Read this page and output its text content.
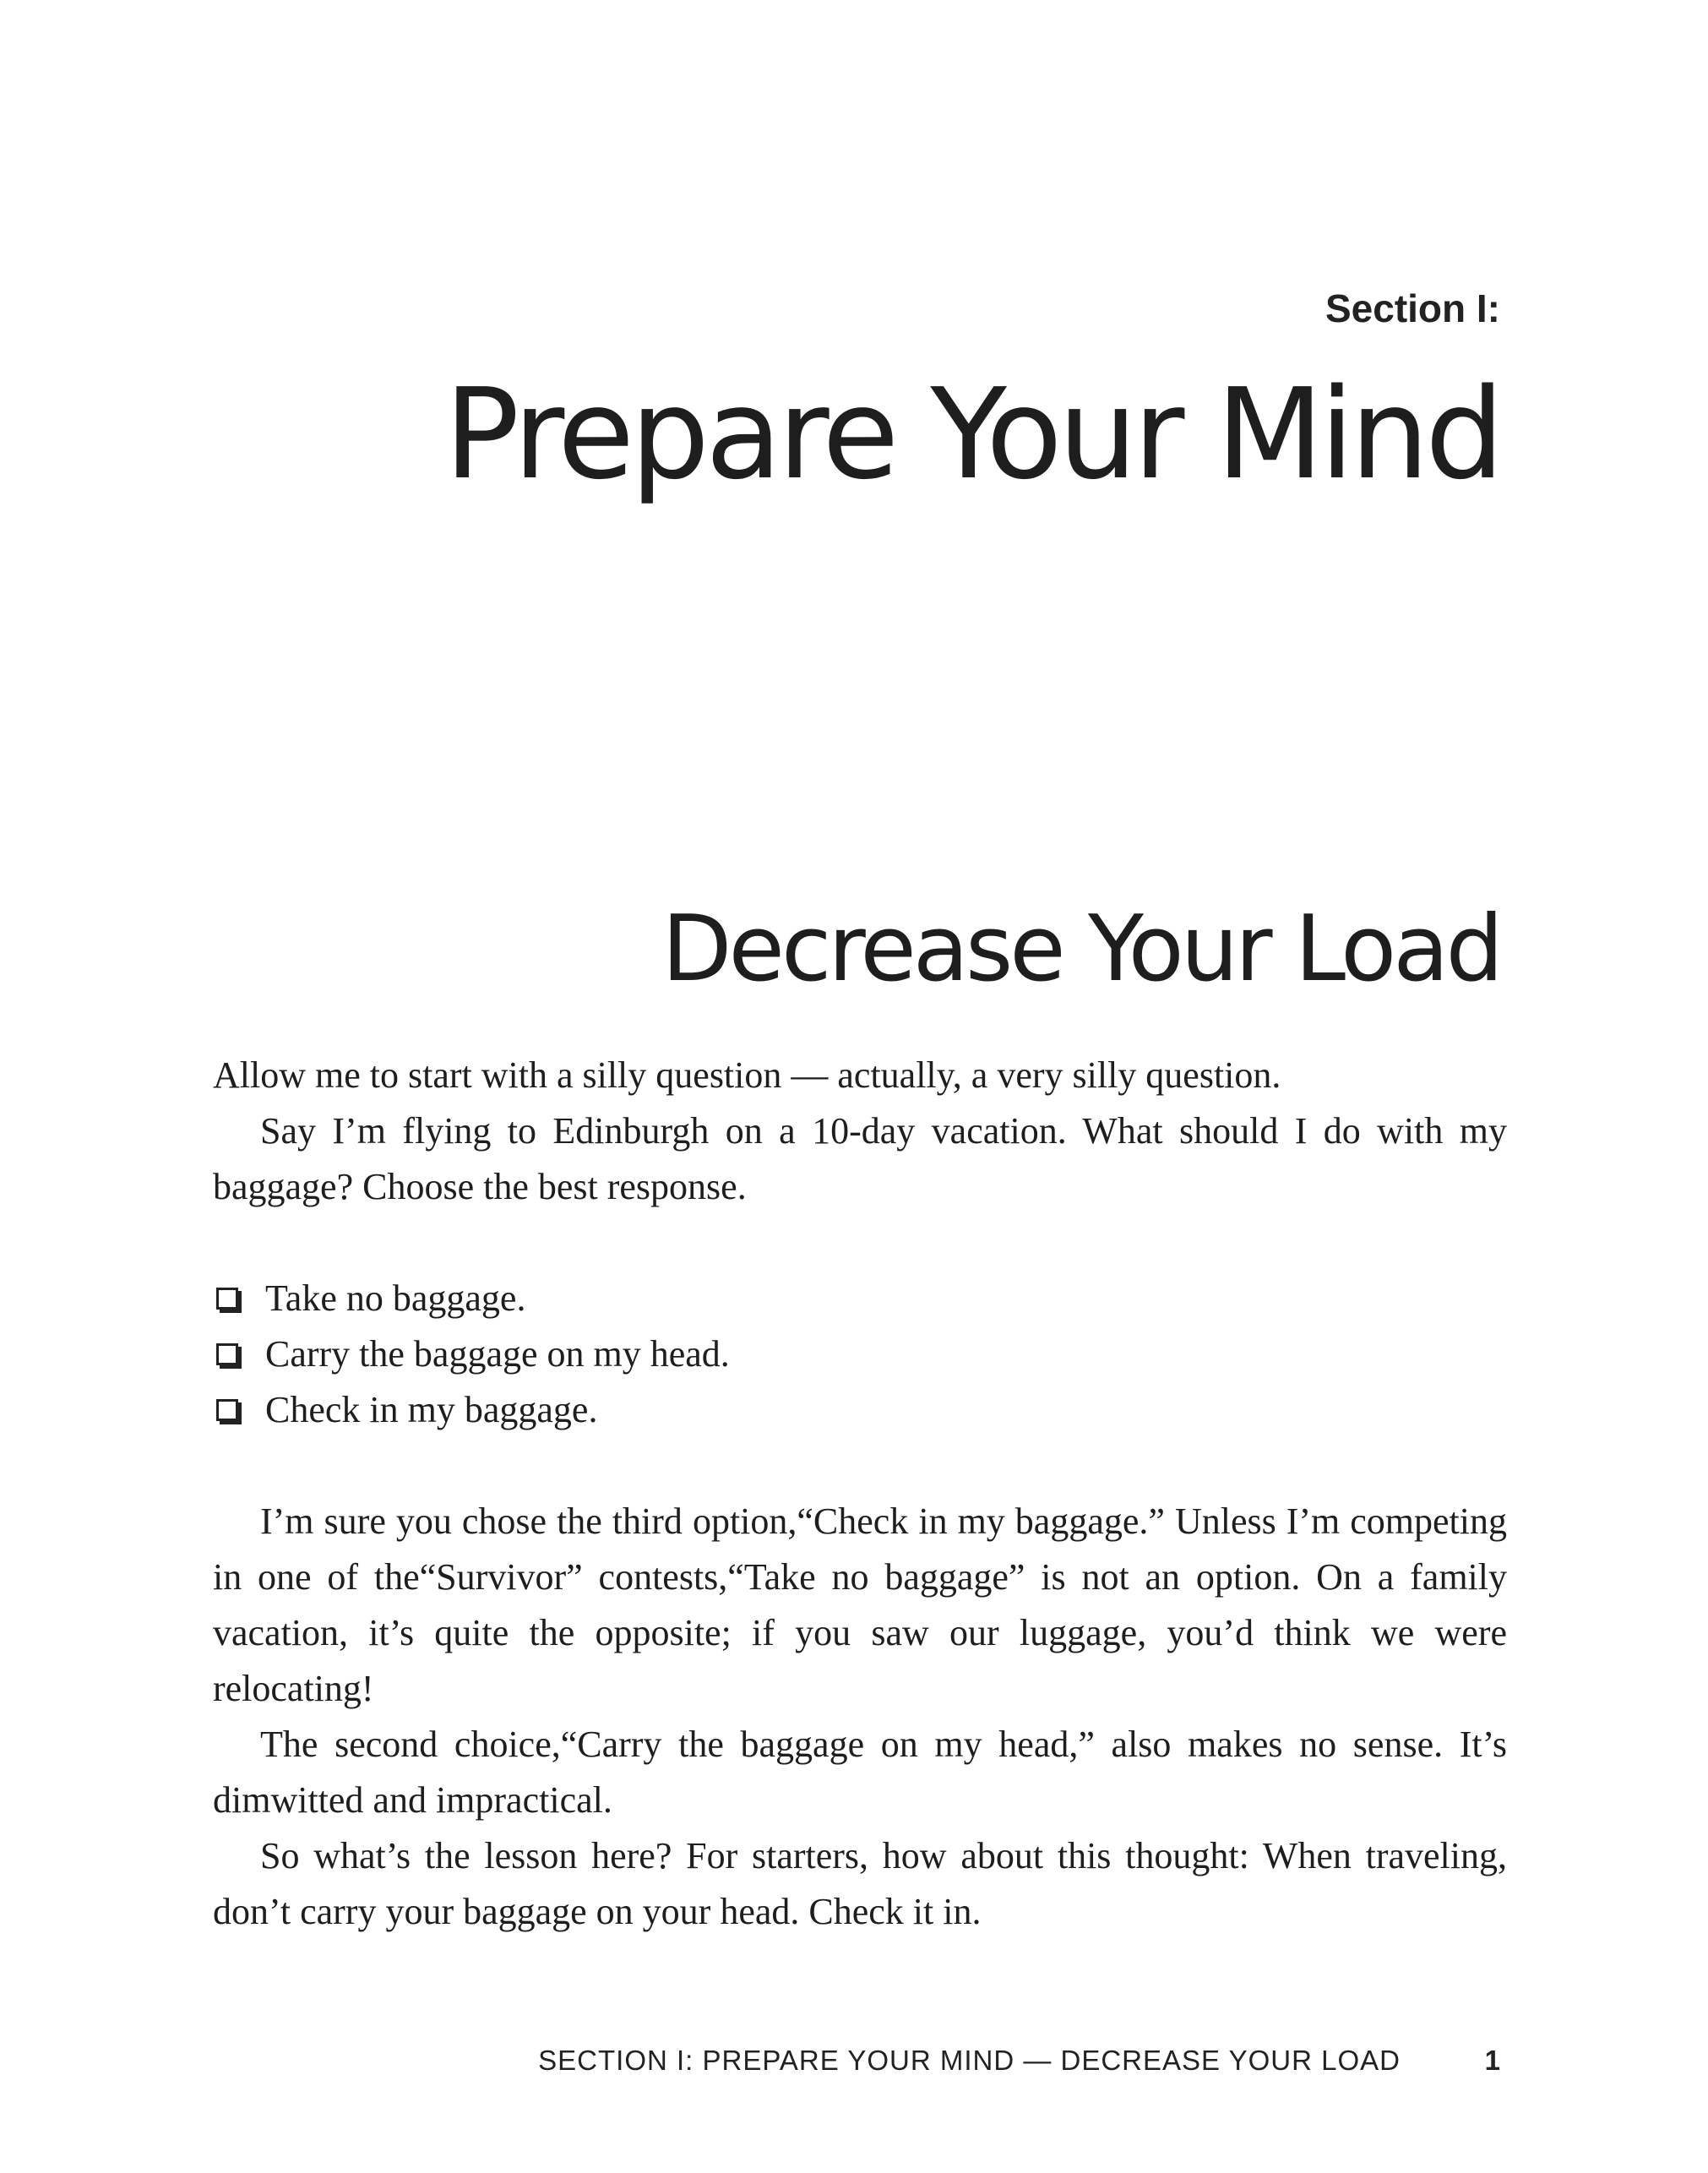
Section I:
Prepare Your Mind
Decrease Your Load

Allow me to start with a silly question — actually, a very silly question.

Say I’m flying to Edinburgh on a 10-day vacation. What should I do with my baggage? Choose the best response.

Take no baggage.
Carry the baggage on my head.
Check in my baggage.

I’m sure you chose the third option,“Check in my baggage.” Unless I’m competing in one of the“Survivor” contests,“Take no baggage” is not an option. On a family vacation, it’s quite the opposite; if you saw our luggage, you’d think we were relocating!

The second choice,“Carry the baggage on my head,” also makes no sense. It’s dimwitted and impractical.

So what’s the lesson here? For starters, how about this thought: When traveling, don’t carry your baggage on your head. Check it in.

SECTION I: PREPARE YOUR MIND — DECREASE YOUR LOAD	1
